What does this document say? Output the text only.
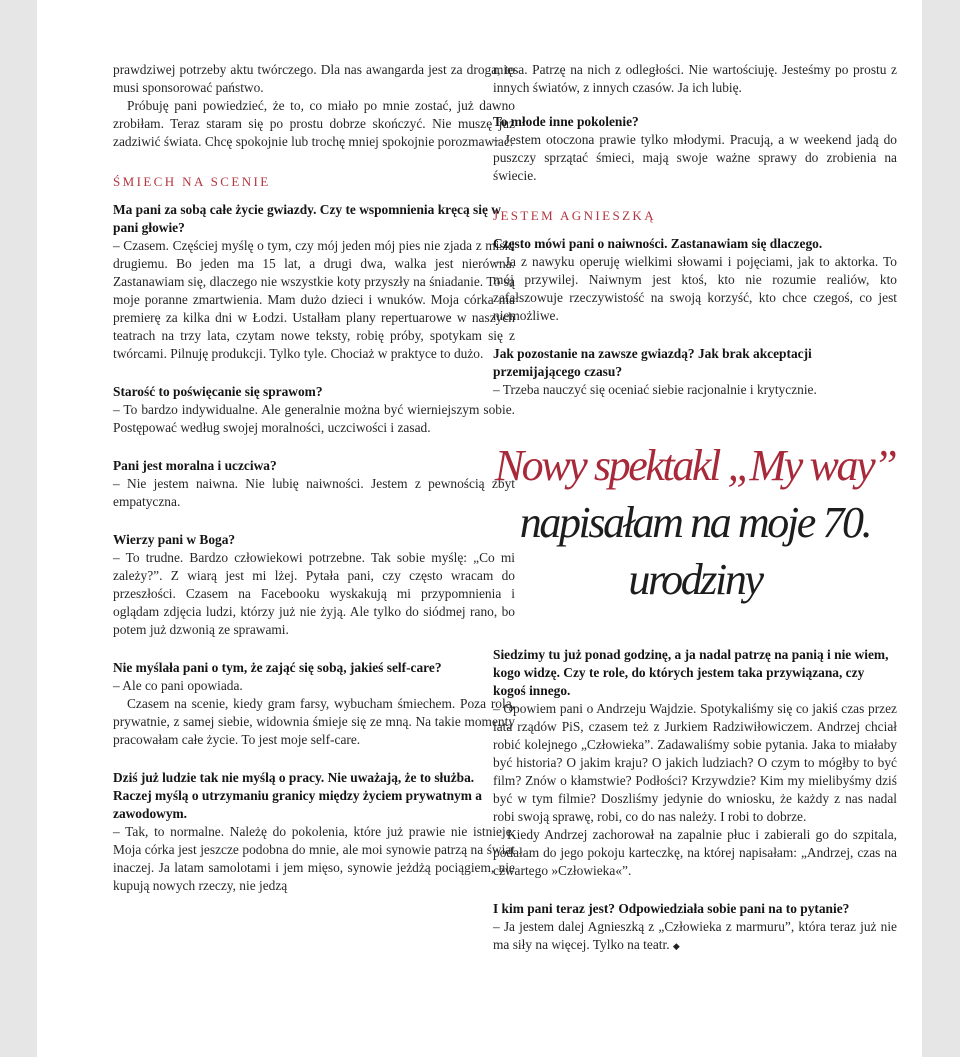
prawdziwej potrzeby aktu twórczego. Dla nas awangarda jest za droga, to musi sponsorować państwo.

Próbuję pani powiedzieć, że to, co miało po mnie zostać, już dawno zrobiłam. Teraz staram się po prostu dobrze skończyć. Nie muszę już zadziwić świata. Chcę spokojnie lub trochę mniej spokojnie porozmawiać.

ŚMIECH NA SCENIE

Ma pani za sobą całe życie gwiazdy. Czy te wspomnienia kręcą się w pani głowie?

– Czasem. Częściej myślę o tym, czy mój jeden mój pies nie zjada z miski drugiemu. Bo jeden ma 15 lat, a drugi dwa, walka jest nierówna. Zastanawiam się, dlaczego nie wszystkie koty przyszły na śniadanie. To są moje poranne zmartwienia. Mam dużo dzieci i wnuków. Moja córka ma premierę za kilka dni w Łodzi. Ustalłam plany repertuarowe w naszych teatrach na trzy lata, czytam nowe teksty, robię próby, spotykam się z twórcami. Pilnuję produkcji. Tylko tyle. Chociaż w praktyce to dużo.

Starość to poświęcanie się sprawom?

– To bardzo indywidualne. Ale generalnie można być wierniejszym sobie. Postępować według swojej moralności, uczciwości i zasad.

Pani jest moralna i uczciwa?

– Nie jestem naiwna. Nie lubię naiwności. Jestem z pewnością zbyt empatyczna.

Wierzy pani w Boga?

– To trudne. Bardzo człowiekowi potrzebne. Tak sobie myślę: „Co mi zależy?”. Z wiarą jest mi lżej. Pytała pani, czy często wracam do przeszłości. Czasem na Facebooku wyskakują mi przypomnienia i oglądam zdjęcia ludzi, którzy już nie żyją. Ale tylko do siódmej rano, bo potem już dzwonią ze sprawami.

Nie myślała pani o tym, że zająć się sobą, jakieś self-care?

– Ale co pani opowiada.

Czasem na scenie, kiedy gram farsy, wybucham śmiechem. Poza rolą, prywatnie, z samej siebie, widownia śmieje się ze mną. Na takie momenty pracowałam całe życie. To jest moje self-care.

Dziś już ludzie tak nie myślą o pracy. Nie uważają, że to służba. Raczej myślą o utrzymaniu granicy między życiem prywatnym a zawodowym.

– Tak, to normalne. Należę do pokolenia, które już prawie nie istnieje. Moja córka jest jeszcze podobna do mnie, ale moi synowie patrzą na świat inaczej. Ja latam samolotami i jem mięso, synowie jeżdżą pociągiem, nie kupują nowych rzeczy, nie jedzą

mięsa. Patrzę na nich z odległości. Nie wartościuję. Jesteśmy po prostu z innych światów, z innych czasów. Ja ich lubię.

To młode inne pokolenie?

– Jestem otoczona prawie tylko młodymi. Pracują, a w weekend jadą do puszczy sprzątać śmieci, mają swoje ważne sprawy do zrobienia na świecie.

JESTEM AGNIESZKĄ

Często mówi pani o naiwności. Zastanawiam się dlaczego.

– Ja z nawyku operuję wielkimi słowami i pojęciami, jak to aktorka. To mój przywilej. Naiwnym jest ktoś, kto nie rozumie realiów, kto zafałszowuje rzeczywistość na swoją korzyść, kto chce czegoś, co jest niemożliwe.

Jak pozostanie na zawsze gwiazdą? Jak brak akceptacji przemijającego czasu?

– Trzeba nauczyć się oceniać siebie racjonalnie i krytycznie.

Nowy spektakl „My way” napisałam na moje 70. urodziny

Siedzimy tu już ponad godzinę, a ja nadal patrzę na panią i nie wiem, kogo widzę. Czy te role, do których jestem taka przywiązana, czy kogoś innego.

– Opowiem pani o Andrzeju Wajdzie. Spotykaliśmy się co jakiś czas przez lata rządów PiS, czasem też z Jurkiem Radziwiłowiczem. Andrzej chciał robić kolejnego „Człowieka”. Zadawaliśmy sobie pytania. Jaka to miałaby być historia? O jakim kraju? O jakich ludziach? O czym to mógłby to być film? Znów o kłamstwie? Podłości? Krzywdzie? Kim my mielibyśmy dziś być w tym filmie? Doszliśmy jedynie do wniosku, że każdy z nas nadal robi swoją sprawę, robi, co do nas należy. I robi to dobrze.

Kiedy Andrzej zachorował na zapalnie płuc i zabierali go do szpitala, podałam do jego pokoju karteczkę, na której napisałam: „Andrzej, czas na czwartego »Człowieka«”.

I kim pani teraz jest? Odpowiedziała sobie pani na to pytanie?

– Ja jestem dalej Agnieszką z „Człowieka z marmuru”, która teraz już nie ma siły na więcej. Tylko na teatr. ◆
